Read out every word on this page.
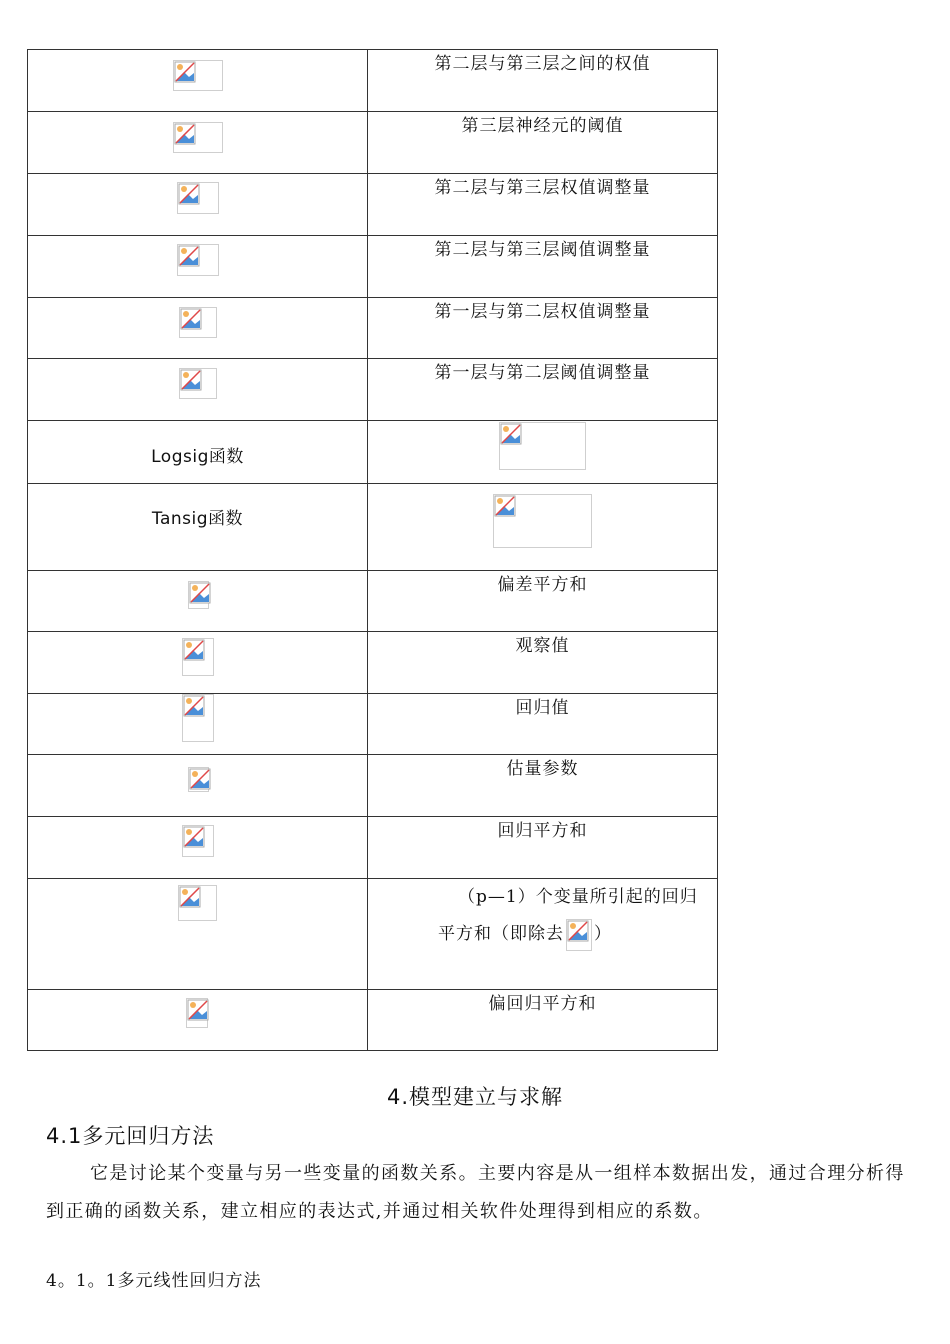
第二层与第三层之间的权值

第三层神经元的阈值

第二层与第三层权值调整量

第二层与第三层阈值调整量

第一层与第二层权值调整量

第一层与第二层阈值调整量

Logsig函数

Tansig函数

偏差平方和

观察值

回归值

估量参数

回归平方和

（p—1）个变量所引起的回归平方和（即除去 ）

偏回归平方和
4.模型建立与求解
4.1多元回归方法
它是讨论某个变量与另一些变量的函数关系。主要内容是从一组样本数据出发，通过合理分析得到正确的函数关系，建立相应的表达式,并通过相关软件处理得到相应的系数。
4。1。1多元线性回归方法
